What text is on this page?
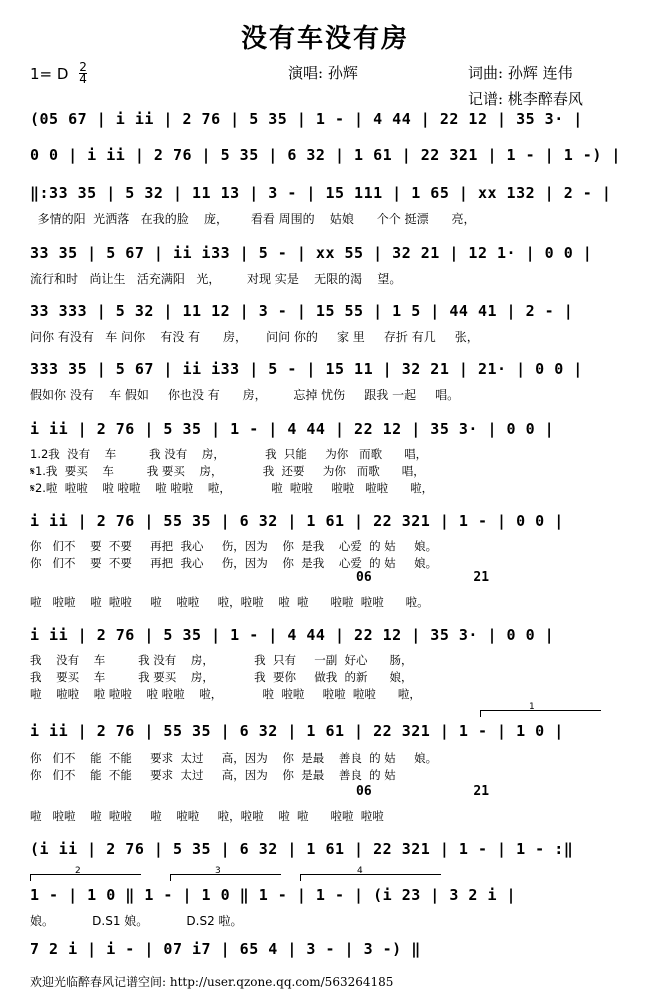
没有车没有房
1= D $\frac{2}{4}$	演唱: 孙辉	词曲: 孙辉 连伟
记谱: 桃李醉春风
(05 67 | i ii | 2 76 | 5 35 | 1 - | 4 44 | 22 12 | 35 3· |
0 0 | i ii | 2 76 | 5 35 | 6 32 | 1 61 | 22 321 | 1 - | 1 -) |
‖:33 35 | 5 32 | 11 13 | 3 - | 15 111 | 1 65 | xx 132 | 2 - |
多情的阳  光洒落   在我的脸    庞，      看看 周围的    姑娘      个个 挺漂      亮，
33 35 | 5 67 | ii i33 | 5 - | xx 55 | 32 21 | 12 1· | 0 0 |
流行和时   尚让生   活充满阳   光，       对现 实是    无限的渴    望。
33 333 | 5 32 | 11 12 | 3 - | 15 55 | 1 5 | 44 41 | 2 - |
问你 有没有   车 问你    有没 有      房，     问问 你的     家 里     存折 有几     张，
333 35 | 5 67 | ii i33 | 5 - | 15 11 | 32 21 | 21· | 0 0 |
假如你 没有    车 假如     你也没 有      房，       忘掉 忧伤     跟我 一起     唱。
i ii | 2 76 | 5 35 | 1 - | 4 44 | 22 12 | 35 3· | 0 0 |
1.2我  没有    车         我 没有    房，           我  只能     为你   而歌      唱，
𝄋1.我  要买    车         我 要买    房，           我  还要     为你   而歌      唱，
𝄋2.啦  啦啦    啦 啦啦    啦 啦啦    啦，           啦  啦啦     啦啦   啦啦      啦，
i ii | 2 76 | 55 35 | 6 32 | 1 61 | 22 321 | 1 - | 0 0 |
你   们不    要  不要     再把  我心     伤，因为    你  是我    心爱  的 姑     娘。
你   们不    要  不要     再把  我心     伤，因为    你  是我    心爱  的 姑     娘。
06             21
啦   啦啦    啦  啦啦     啦    啦啦     啦，啦啦    啦  啦      啦啦  啦啦      啦。
i ii | 2 76 | 5 35 | 1 - | 4 44 | 22 12 | 35 3· | 0 0 |
我    没有    车         我 没有    房，           我  只有     一副  好心      肠，
我    要买    车         我 要买    房，           我  要你     做我  的新      娘，
啦    啦啦    啦 啦啦    啦 啦啦    啦，           啦  啦啦     啦啦  啦啦      啦，
1
i ii | 2 76 | 55 35 | 6 32 | 1 61 | 22 321 | 1 - | 1 0 |
你   们不    能  不能     要求  太过     高，因为    你  是最    善良  的 姑     娘。
你   们不    能  不能     要求  太过     高，因为    你  是最    善良  的 姑
06             21
啦   啦啦    啦  啦啦     啦    啦啦     啦，啦啦    啦  啦      啦啦  啦啦
(i ii | 2 76 | 5 35 | 6 32 | 1 61 | 22 321 | 1 - | 1 - :‖
2	3	4
1 - | 1 0 ‖ 1 - | 1 0 ‖ 1 - | 1 - | (i 23 | 3 2 i |
娘。          D.S1 娘。          D.S2 啦。
7 2 i | i - | 07 i7 | 65 4 | 3 - | 3 -) ‖
欢迎光临醉春风记谱空间: http://user.qzone.qq.com/563264185
